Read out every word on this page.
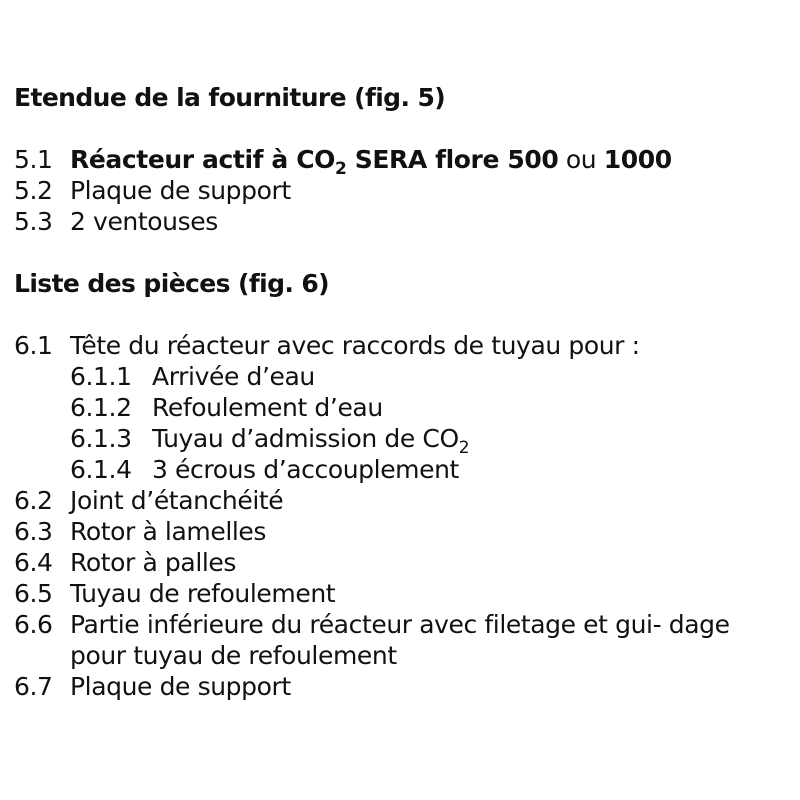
Etendue de la fourniture (fig. 5)
5.1 Réacteur actif à $CO_2$ SERA flore 500 ou 1000
5.2 Plaque de support
5.3 2 ventouses
Liste des pièces (fig. 6)
6.1 Tête du réacteur avec raccords de tuyau pour :
6.1.1 Arrivée d’eau
6.1.2 Refoulement d’eau
6.1.3 Tuyau d’admission de $CO_2$
6.1.4 3 écrous d’accouplement
6.2 Joint d’étanchéité
6.3 Rotor à lamelles
6.4 Rotor à palles
6.5 Tuyau de refoulement
6.6 Partie inférieure du réacteur avec filetage et gui- dage pour tuyau de refoulement
6.7 Plaque de support
